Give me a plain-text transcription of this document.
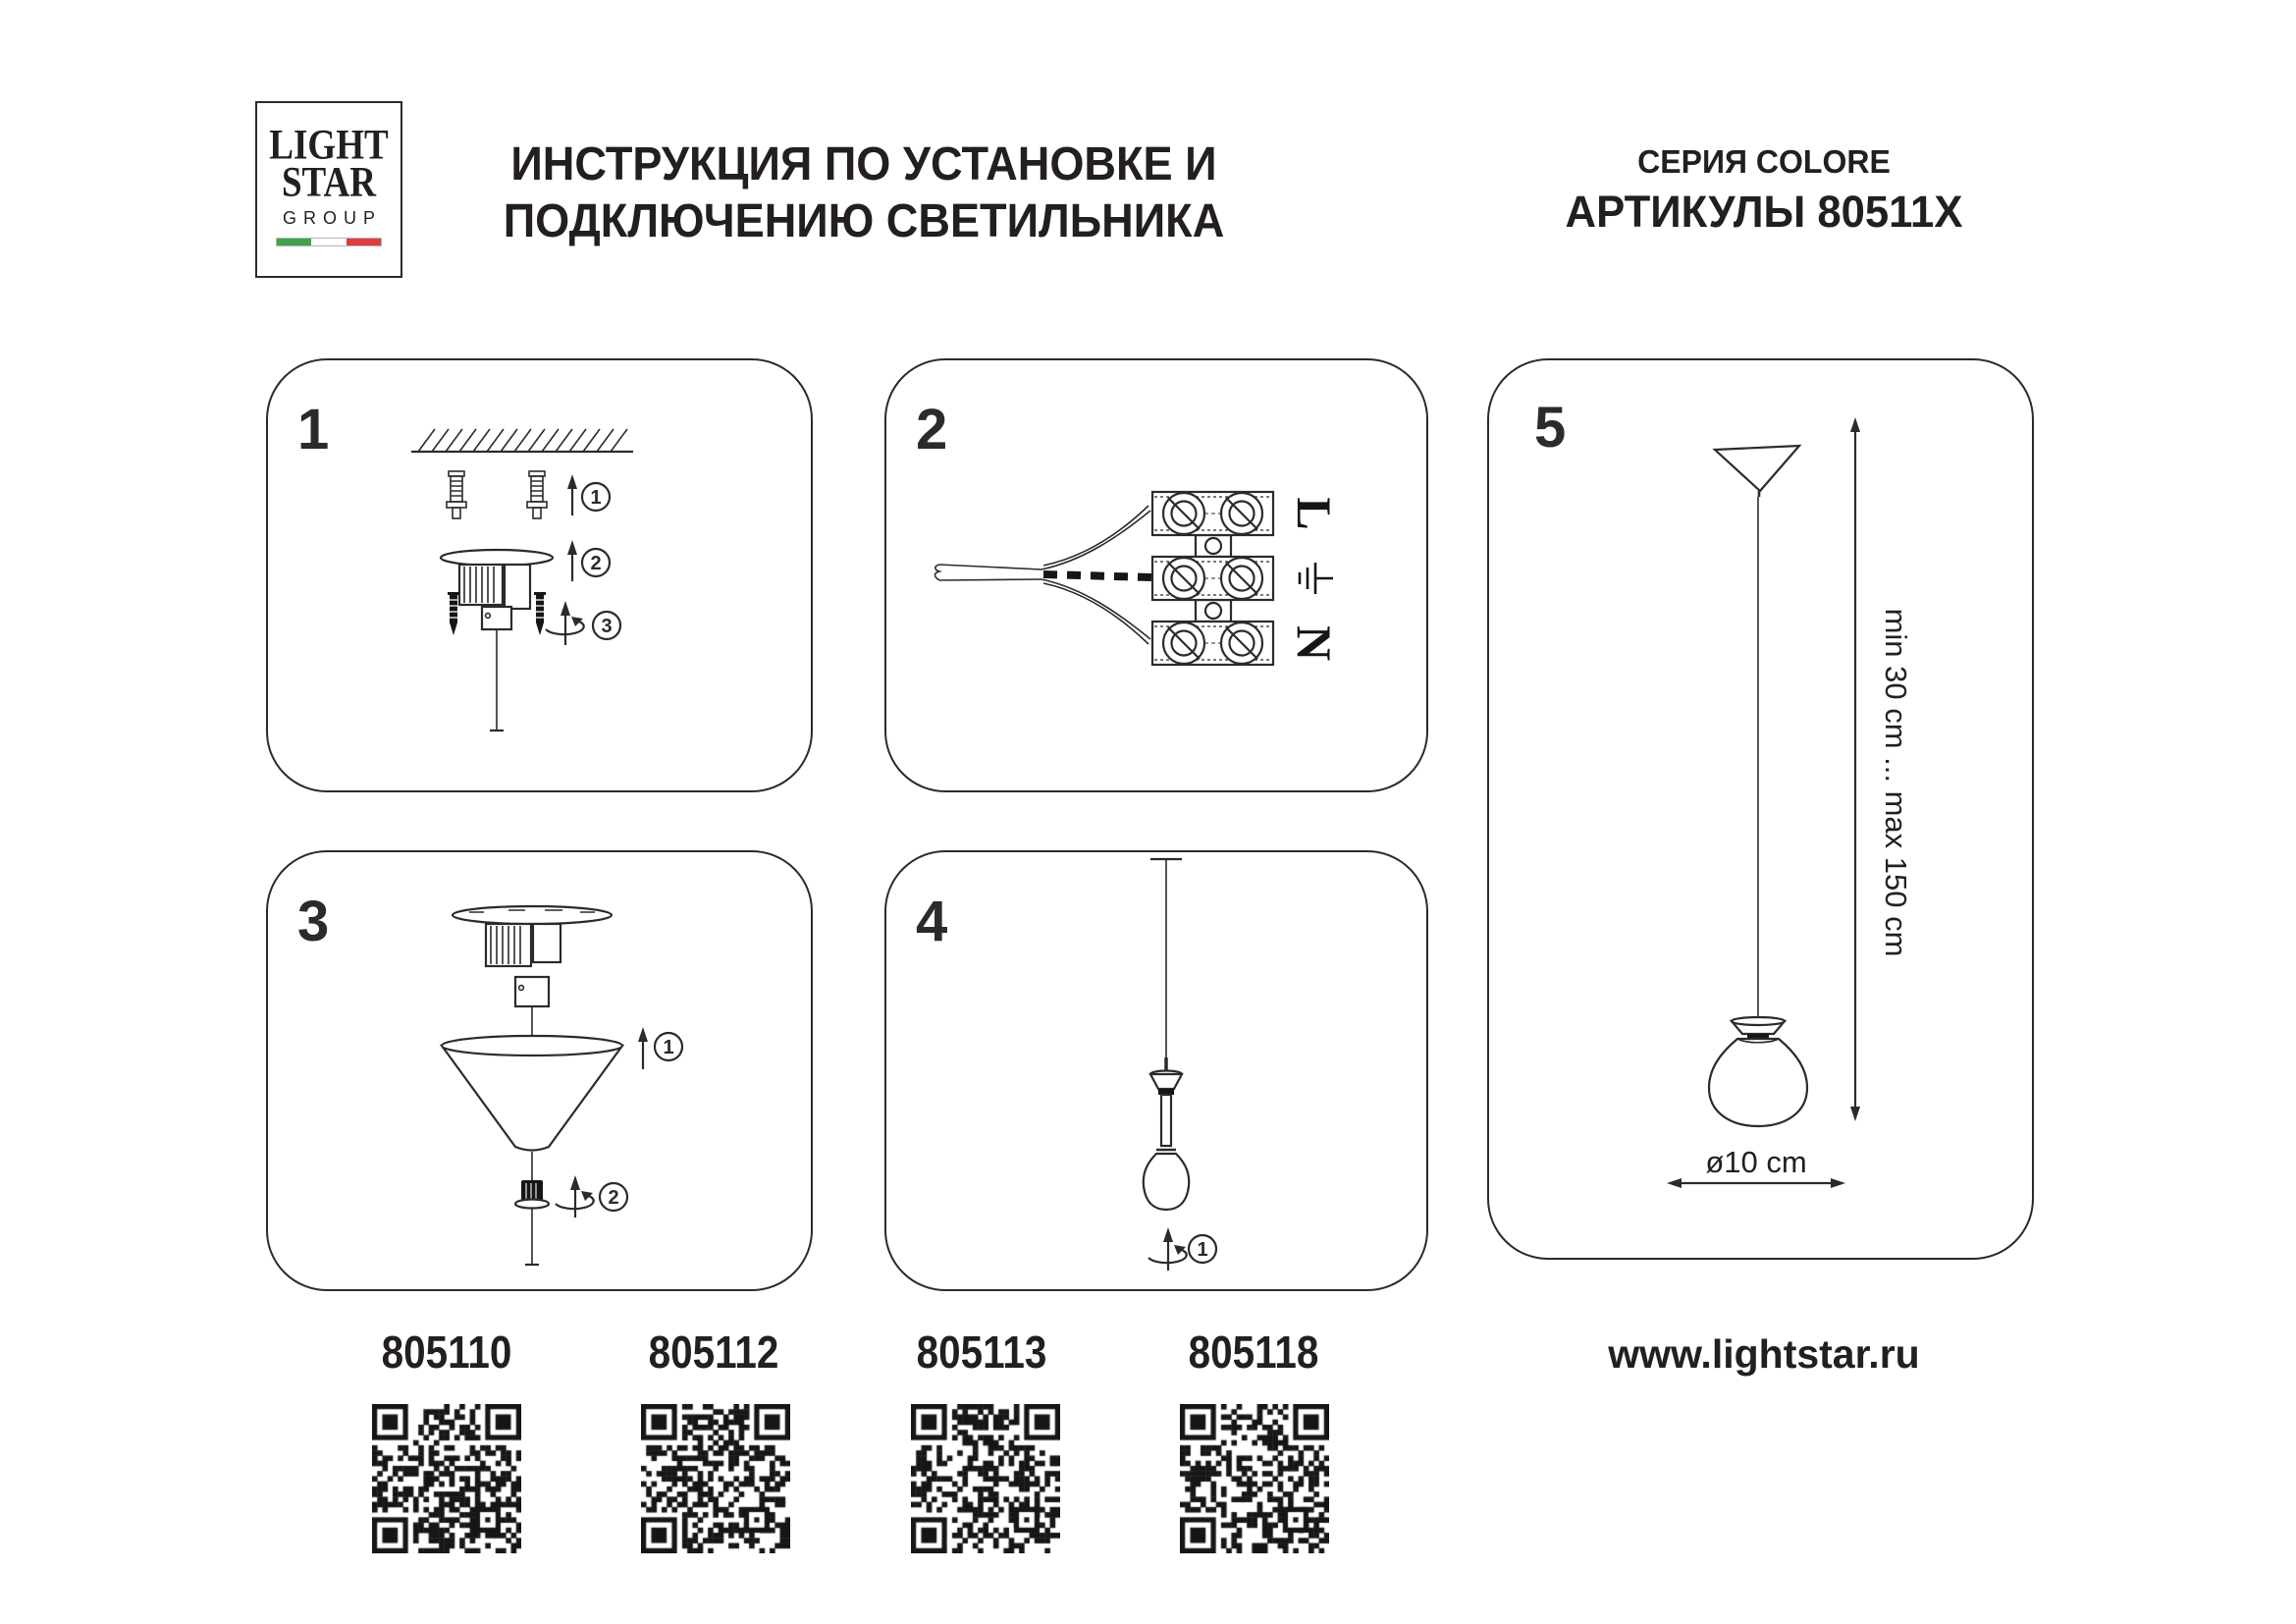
LIGHT
STAR
GROUP
ИНСТРУКЦИЯ ПО УСТАНОВКЕ И
ПОДКЛЮЧЕНИЮ СВЕТИЛЬНИКА
СЕРИЯ COLORE
АРТИКУЛЫ 80511X
1
1
2
3
2
L
N
3
1
2
4
1
5
min 30 cm ... max 150 cm
ø10 cm
805110	805112	805113	805118	www.lightstar.ru
